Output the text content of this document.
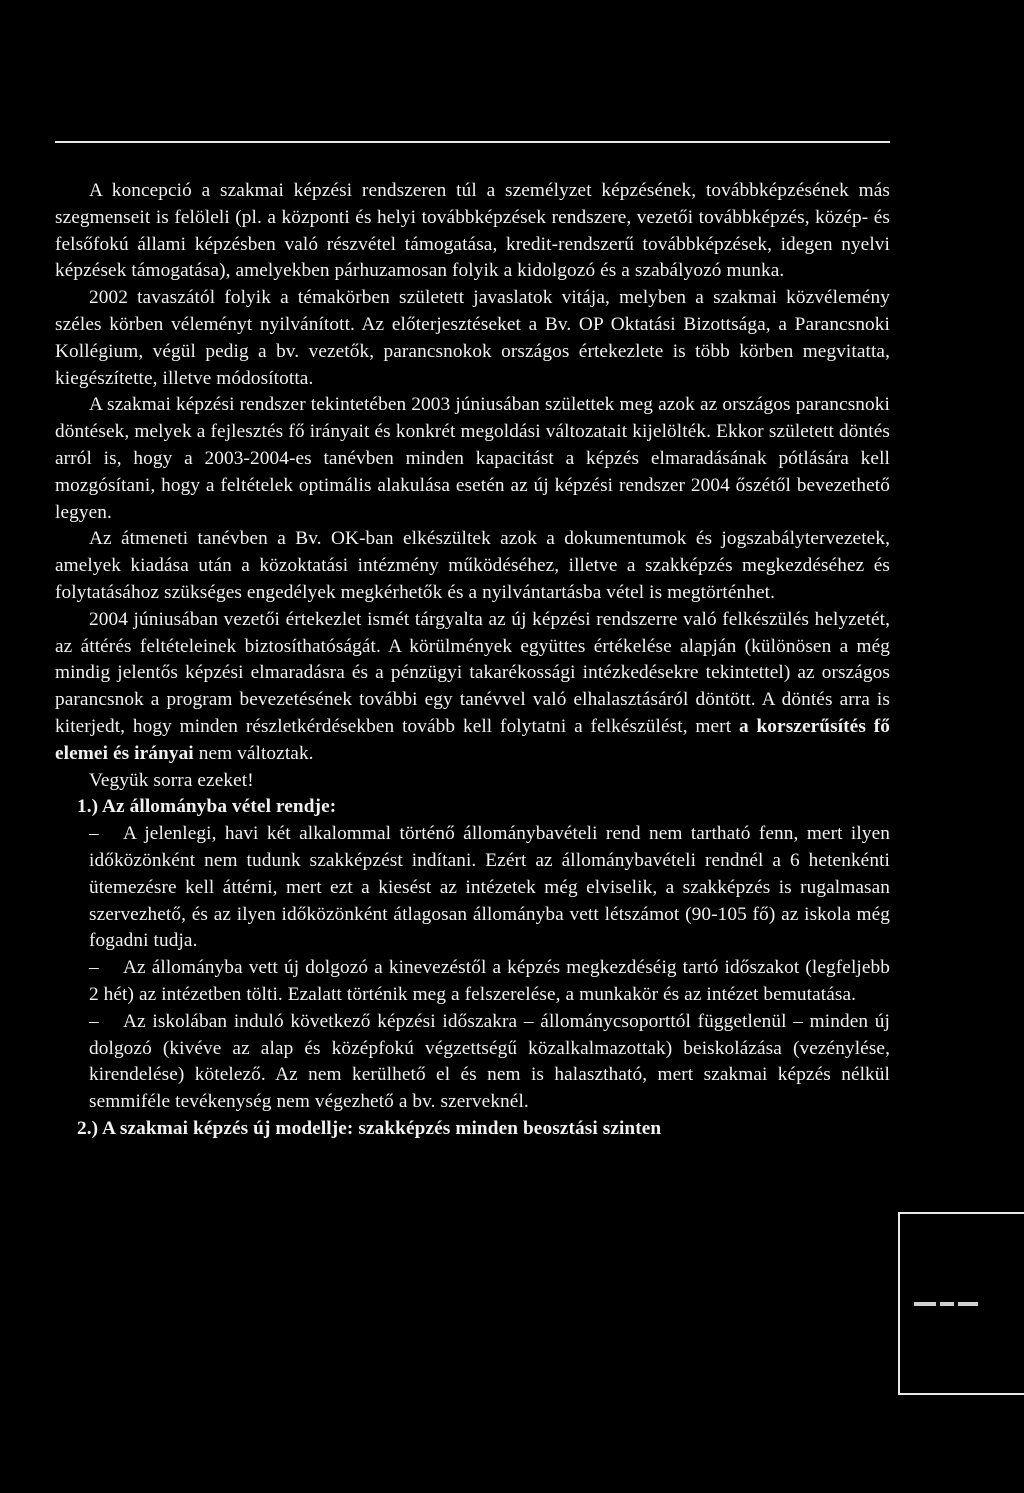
A koncepció a szakmai képzési rendszeren túl a személyzet képzésének, továbbképzésének más szegmenseit is felöleli (pl. a központi és helyi továbbképzések rendszere, vezetői továbbképzés, közép- és felsőfokú állami képzésben való részvétel támogatása, kredit-rendszerű továbbképzések, idegen nyelvi képzések támogatása), amelyekben párhuzamosan folyik a kidolgozó és a szabályozó munka.

2002 tavaszától folyik a témakörben született javaslatok vitája, melyben a szakmai közvélemény széles körben véleményt nyilvánított. Az előterjesztéseket a Bv. OP Oktatási Bizottsága, a Parancsnoki Kollégium, végül pedig a bv. vezetők, parancsnokok országos értekezlete is több körben megvitatta, kiegészítette, illetve módosította.

A szakmai képzési rendszer tekintetében 2003 júniusában születtek meg azok az országos parancsnoki döntések, melyek a fejlesztés fő irányait és konkrét megoldási változatait kijelölték. Ekkor született döntés arról is, hogy a 2003-2004-es tanévben minden kapacitást a képzés elmaradásának pótlására kell mozgósítani, hogy a feltételek optimális alakulása esetén az új képzési rendszer 2004 őszétől bevezethető legyen.

Az átmeneti tanévben a Bv. OK-ban elkészültek azok a dokumentumok és jogszabálytervezetek, amelyek kiadása után a közoktatási intézmény működéséhez, illetve a szakképzés megkezdéséhez és folytatásához szükséges engedélyek megkérhetők és a nyilvántartásba vétel is megtörténhet.

2004 júniusában vezetői értekezlet ismét tárgyalta az új képzési rendszerre való felkészülés helyzetét, az áttérés feltételeinek biztosíthatóságát. A körülmények együttes értékelése alapján (különösen a még mindig jelentős képzési elmaradásra és a pénzügyi takarékossági intézkedésekre tekintettel) az országos parancsnok a program bevezetésének további egy tanévvel való elhalasztásáról döntött. A döntés arra is kiterjedt, hogy minden részletkérdésekben tovább kell folytatni a felkészülést, mert a korszerűsítés fő elemei és irányai nem változtak.

Vegyük sorra ezeket!

1.) Az állományba vétel rendje:

– A jelenlegi, havi két alkalommal történő állománybavételi rend nem tartható fenn, mert ilyen időközönként nem tudunk szakképzést indítani. Ezért az állománybavételi rendnél a 6 hetenkénti ütemezésre kell áttérni, mert ezt a kiesést az intézetek még elviselik, a szakképzés is rugalmasan szervezhető, és az ilyen időközönként átlagosan állományba vett létszámot (90-105 fő) az iskola még fogadni tudja.

– Az állományba vett új dolgozó a kinevezéstől a képzés megkezdéséig tartó időszakot (legfeljebb 2 hét) az intézetben tölti. Ezalatt történik meg a felszerelése, a munkakör és az intézet bemutatása.

– Az iskolában induló következő képzési időszakra – állománycsoporttól függetlenül – minden új dolgozó (kivéve az alap és középfokú végzettségű közalkalmazottak) beiskolázása (vezénylése, kirendelése) kötelező. Az nem kerülhető el és nem is halasztható, mert szakmai képzés nélkül semmiféle tevékenység nem végezhető a bv. szerveknél.

2.) A szakmai képzés új modellje: szakképzés minden beosztási szinten
